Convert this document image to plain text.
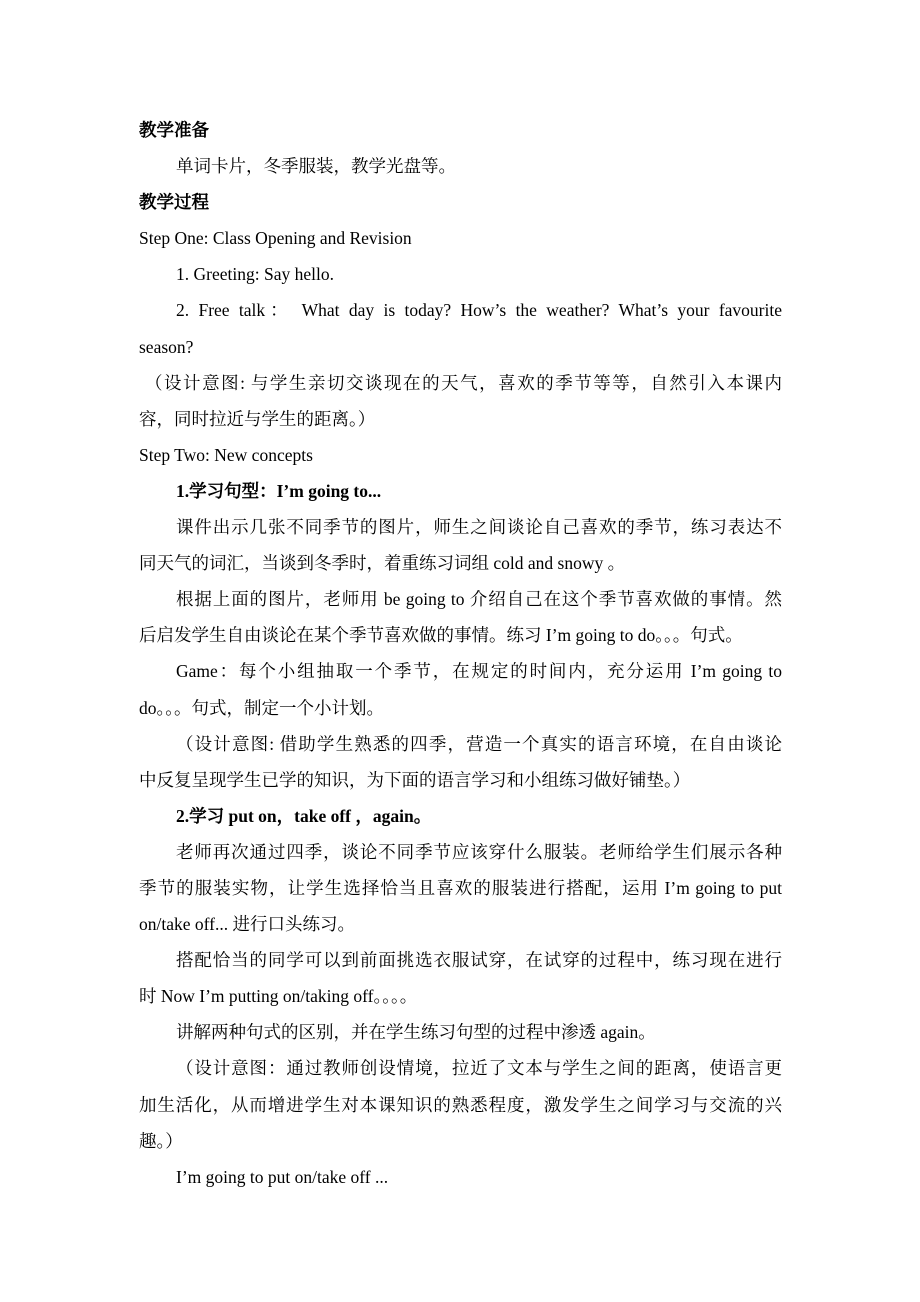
教学准备
单词卡片，冬季服装，教学光盘等。
教学过程
Step One: Class Opening and Revision
1. Greeting: Say hello.
2. Free talk： What day is today? How’s the weather? What’s your favourite
season?
（设计意图: 与学生亲切交谈现在的天气，喜欢的季节等等，自然引入本课内
容，同时拉近与学生的距离。）
Step Two: New concepts
1.学习句型：I’m going to...
课件出示几张不同季节的图片，师生之间谈论自己喜欢的季节，练习表达不
同天气的词汇，当谈到冬季时，着重练习词组 cold and snowy 。
根据上面的图片，老师用 be going to 介绍自己在这个季节喜欢做的事情。然
后启发学生自由谈论在某个季节喜欢做的事情。练习 I’m going to do。。。句式。
Game：每个小组抽取一个季节，在规定的时间内，充分运用 I’m going to
do。。。句式，制定一个小计划。
（设计意图: 借助学生熟悉的四季，营造一个真实的语言环境，在自由谈论
中反复呈现学生已学的知识，为下面的语言学习和小组练习做好铺垫。）
2.学习 put on，take off ，again。
老师再次通过四季，谈论不同季节应该穿什么服装。老师给学生们展示各种
季节的服装实物，让学生选择恰当且喜欢的服装进行搭配，运用 I’m going to put
on/take off... 进行口头练习。
搭配恰当的同学可以到前面挑选衣服试穿，在试穿的过程中，练习现在进行
时 Now I’m putting on/taking off。。。。
讲解两种句式的区别，并在学生练习句型的过程中渗透 again。
（设计意图：通过教师创设情境，拉近了文本与学生之间的距离，使语言更
加生活化，从而增进学生对本课知识的熟悉程度，激发学生之间学习与交流的兴
趣。）
I’m going to put on/take off ...
